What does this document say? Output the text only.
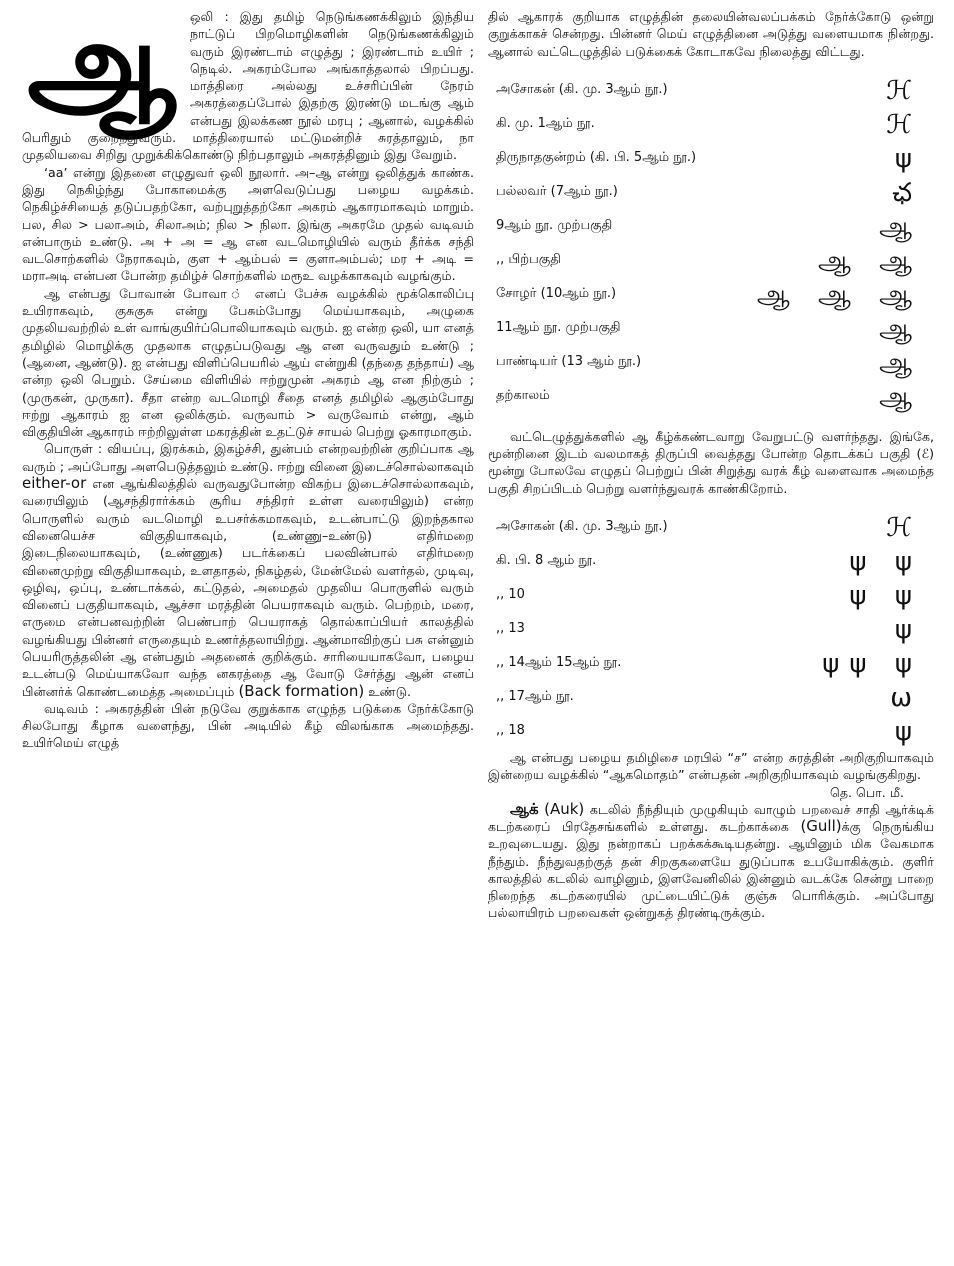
ஆ	ஒலி : இது தமிழ் நெடுங்கணக்கிலும் இந்திய நாட்டுப் பிறமொழிகளின் நெடுங்கணக்கிலும் வரும் இரண்டாம் எழுத்து ; இரண்டாம் உயிர் ; நெடில். அகரம்போல அங்காத்தலால் பிறப்பது. மாத்திரை அல்லது உச்சரிப்பின் நேரம் அகரத்தைப்போல் இதற்கு இரண்டு மடங்கு ஆம் என்பது இலக்கண நூல் மரபு ; ஆனால், வழக்கில் பெரிதும் குறைந்துவரும். மாத்திரையால் மட்டுமன்றிச் சுரத்தாலும், நா முதலியவை சிறிது முறுக்கிக்கொண்டு நிற்பதாலும் அகரத்தினும் இது வேறும்.

‘aa’ என்று இதனை எழுதுவர் ஒலி நூலார். அ–ஆ என்று ஒலித்துக் காண்க. இது நெகிழ்ந்து போகாமைக்கு அளவெடுப்பது பழைய வழக்கம். நெகிழ்ச்சியைத் தடுப்பதற்கோ, வற்புறுத்தற்கோ அகரம் ஆகாரமாகவும் மாறும். பல, சில > பலாஅம், சிலாஅம்; நில > நிலா. இங்கு அகரமே முதல் வடிவம் என்பாரும் உண்டு. அ + அ = ஆ என வடமொழியில் வரும் தீர்க்க சந்தி வடசொற்களில் நேராகவும், குள + ஆம்பல் = குளாஅம்பல்; மர + அடி = மராஅடி என்பன போன்ற தமிழ்ச் சொற்களில் மரூஉ வழக்காகவும் வழங்கும்.

ஆ என்பது போவான் போவா ் எனப் பேச்சு வழக்கில் மூக்கொலிப்பு உயிராகவும், குசுகுசு என்று பேசும்போது மெய்யாகவும், அழுகை முதலியவற்றில் உள் வாங்குயிர்ப்பொலியாகவும் வரும். ஐ என்ற ஒலி, யா எனத் தமிழில் மொழிக்கு முதலாக எழுதப்படுவது ஆ என வருவதும் உண்டு ; (ஆனை, ஆண்டு). ஐ என்பது விளிப்பெயரில் ஆய் என்றுகி (தந்தை தந்தாய்) ஆ என்ற ஒலி பெறும். சேய்மை விளியில் ஈற்றுமுன் அகரம் ஆ என நிற்கும் ; (முருகன், முருகா). சீதா என்ற வடமொழி சீதை எனத் தமிழில் ஆகும்போது ஈற்று ஆகாரம் ஐ என ஒலிக்கும். வருவாம் > வருவோம் என்று, ஆம் விகுதியின் ஆகாரம் ஈற்றிலுள்ள மகரத்தின் உதட்டுச் சாயல் பெற்று ஓகாரமாகும்.

பொருள் : வியப்பு, இரக்கம், இகழ்ச்சி, துன்பம் என்றவற்றின் குறிப்பாக ஆ வரும் ; அப்போது அளபெடுத்தலும் உண்டு. ஈற்று வினை இடைச்சொல்லாகவும் either-or என ஆங்கிலத்தில் வருவதுபோன்ற விகற்ப இடைச்சொல்லாகவும், வரையிலும் (ஆசந்திரார்க்கம் சூரிய சந்திரர் உள்ள வரையிலும்) என்ற பொருளில் வரும் வடமொழி உபசர்க்கமாகவும், உடன்பாட்டு இறந்தகால வினையெச்ச விகுதியாகவும், (உண்ணு–உண்டு) எதிர்மறை இடைநிலையாகவும், (உண்ணுக) படர்க்கைப் பலவின்பால் எதிர்மறை வினைமுற்று விகுதியாகவும், உளதாதல், நிகழ்தல், மேன்மேல் வளர்தல், முடிவு, ஒழிவு, ஒப்பு, உண்டாக்கல், கட்டுதல், அமைதல் முதலிய பொருளில் வரும் வினைப் பகுதியாகவும், ஆச்சா மரத்தின் பெயராகவும் வரும். பெற்றம், மரை, எருமை என்பனவற்றின் பெண்பாற் பெயராகத் தொல்காப்பியர் காலத்தில் வழங்கியது பின்னர் எருதையும் உணர்த்தலாயிற்று. ஆன்மாவிற்குப் பசு என்னும் பெயரிருத்தலின் ஆ என்பதும் அதனைக் குறிக்கும். சாரியையாகவோ, பழைய உடன்படு மெய்யாகவோ வந்த னகரத்தை ஆ வோடு சேர்த்து ஆன் எனப் பின்னர்க் கொண்டமைத்த அமைப்பும் (Back formation) உண்டு.

வடிவம் : அகரத்தின் பின் நடுவே குறுக்காக எழுந்த படுக்கை நேர்க்கோடு சிலபோது கீழாக வளைந்து, பின் அடியில் கீழ் விலங்காக அமைந்தது. உயிர்மெய் எழுத்

தில் ஆகாரக் குறியாக எழுத்தின் தலையின்வலப்பக்கம் நேர்க்கோடு ஒன்று குறுக்காகச் சென்றது. பின்னர் மெய் எழுத்தினை அடுத்து வளையமாக நின்றது. ஆனால் வட்டெழுத்தில் படுக்கைக் கோடாகவே நிலைத்து விட்டது.

அசோகன் (கி. மு. 3ஆம் நூ.)	ℋ
கி. மு. 1ஆம் நூ.	ℋ
திருநாதகுன்றம் (கி. பி. 5ஆம் நூ.)	ψ
பல்லவர் (7ஆம் நூ.)	ఛ
9ஆம் நூ. முற்பகுதி	ஆ
,, பிற்பகுதி	ஆ ஆ
சோழர் (10ஆம் நூ.)	ஆ ஆ ஆ
11ஆம் நூ. முற்பகுதி	ஆ
பாண்டியர் (13 ஆம் நூ.)	ஆ
தற்காலம்	ஆ

வட்டெழுத்துக்களில் ஆ கீழ்க்கண்டவாறு வேறுபட்டு வளர்ந்தது. இங்கே, மூன்றினை இடம் வலமாகத் திருப்பி வைத்தது போன்ற தொடக்கப் பகுதி (ℰ) மூன்று போலவே எழுதப் பெற்றுப் பின் சிறுத்து வரக் கீழ் வளைவாக அமைந்த பகுதி சிறப்பிடம் பெற்று வளர்ந்துவரக் காண்கிறோம்.

அசோகன் (கி. மு. 3ஆம் நூ.)	ℋ
கி. பி. 8 ஆம் நூ.	ψ ψ
,, 10	ψ ψ
,, 13	ψ
,, 14ஆம் 15ஆம் நூ.	ψψ ψ
,, 17ஆம் நூ.	ω
,, 18	ψ

ஆ என்பது பழைய தமிழிசை மரபில் “ச” என்ற சுரத்தின் அறிகுறியாகவும் இன்றைய வழக்கில் “ஆகமொதம்” என்பதன் அறிகுறியாகவும் வழங்குகிறது.

தெ. பொ. மீ.

ஆக் (Auk) கடலில் நீந்தியும் முழுகியும் வாழும் பறவைச் சாதி ஆர்க்டிக் கடற்கரைப் பிரதேசங்களில் உள்ளது. கடற்காக்கை (Gull)க்கு நெருங்கிய உறவுடையது. இது நன்றாகப் பறக்கக்கூடியதன்று. ஆயினும் மிக வேகமாக நீந்தும். நீந்துவதற்குத் தன் சிறகுகளையே துடுப்பாக உபயோகிக்கும். குளிர் காலத்தில் கடலில் வாழினும், இளவேனிலில் இன்னும் வடக்கே சென்று பாறை நிறைந்த கடற்கரையில் முட்டையிட்டுக் குஞ்சு பொரிக்கும். அப்போது பல்லாயிரம் பறவைகள் ஒன்றுகத் திரண்டிருக்கும்.
